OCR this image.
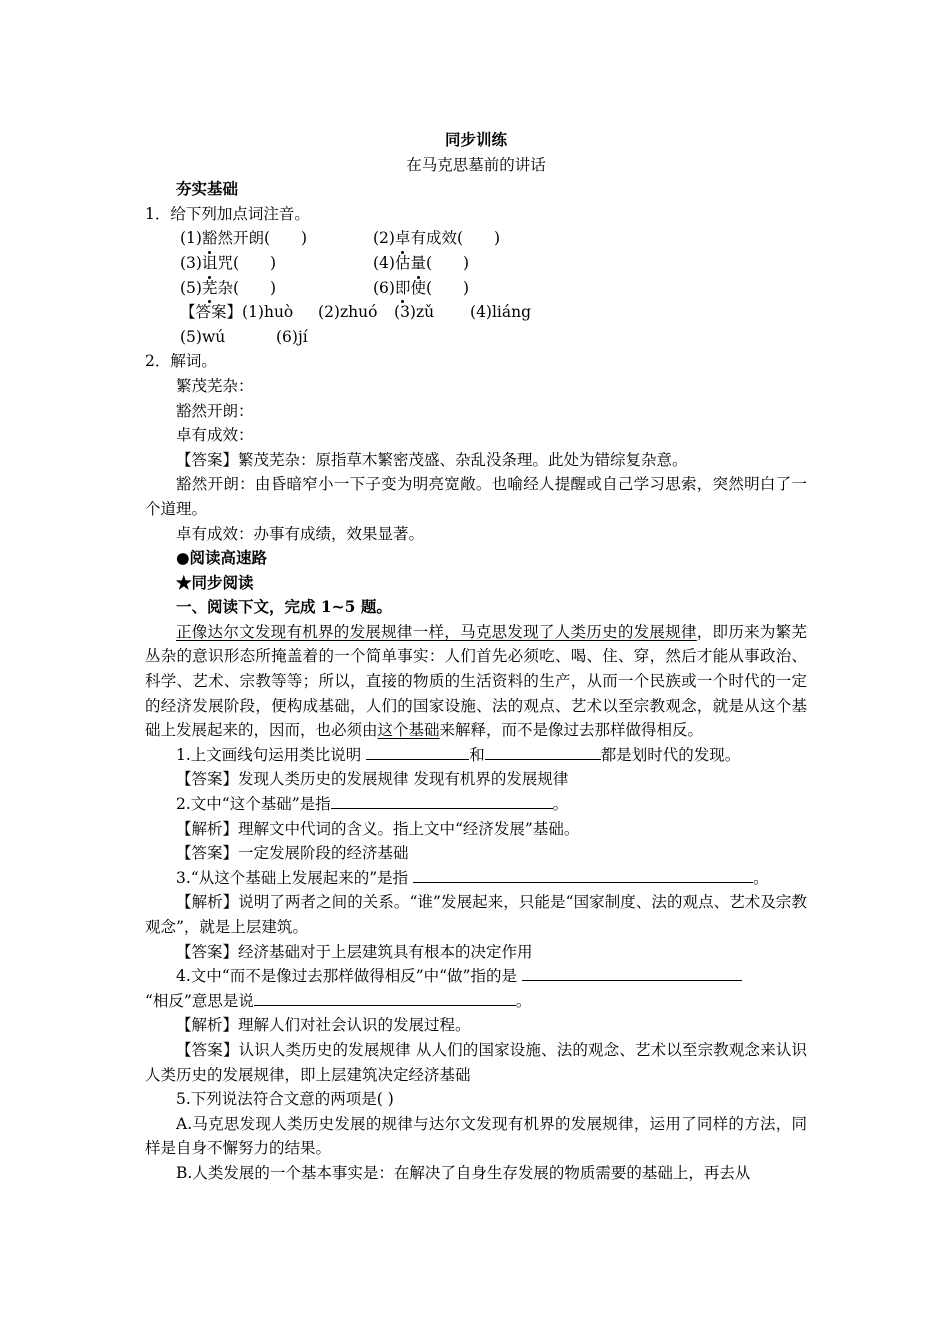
同步训练
在马克思墓前的讲话
夯实基础
1．给下列加点词注音。
(1)豁然开朗(　　)	(2)卓有成效(　　)
(3)诅咒(　　)	(4)估量(　　)
(5)芜杂(　　)	(6)即使(　　)
【答案】(1)huò (2)zhuó (3)zǔ (4)liáng
(5)wú	(6)jí
2．解词。
繁茂芜杂：
豁然开朗：
卓有成效：
【答案】繁茂芜杂：原指草木繁密茂盛、杂乱没条理。此处为错综复杂意。
豁然开朗：由昏暗窄小一下子变为明亮宽敞。也喻经人提醒或自己学习思索，突然明白了一个道理。
卓有成效：办事有成绩，效果显著。
●阅读高速路
★同步阅读
一、阅读下文，完成 1~5 题。
正像达尔文发现有机界的发展规律一样，马克思发现了人类历史的发展规律，即历来为繁芜丛杂的意识形态所掩盖着的一个简单事实：人们首先必须吃、喝、住、穿，然后才能从事政治、科学、艺术、宗教等等；所以，直接的物质的生活资料的生产，从而一个民族或一个时代的一定的经济发展阶段，便构成基础，人们的国家设施、法的观点、艺术以至宗教观念，就是从这个基础上发展起来的，因而，也必须由这个基础来解释，而不是像过去那样做得相反。
1.上文画线句运用类比说明	和	都是划时代的发现。
【答案】发现人类历史的发展规律 发现有机界的发展规律
2.文中“这个基础”是指	。
【解析】理解文中代词的含义。指上文中“经济发展”基础。
【答案】一定发展阶段的经济基础
3.“从这个基础上发展起来的”是指	。
【解析】说明了两者之间的关系。“谁”发展起来，只能是“国家制度、法的观点、艺术及宗教观念”，就是上层建筑。
【答案】经济基础对于上层建筑具有根本的决定作用
4.文中“而不是像过去那样做得相反”中“做”指的是
“相反”意思是说	。
【解析】理解人们对社会认识的发展过程。
【答案】认识人类历史的发展规律 从人们的国家设施、法的观念、艺术以至宗教观念来认识人类历史的发展规律，即上层建筑决定经济基础
5.下列说法符合文意的两项是( )
A.马克思发现人类历史发展的规律与达尔文发现有机界的发展规律，运用了同样的方法，同样是自身不懈努力的结果。
B.人类发展的一个基本事实是：在解决了自身生存发展的物质需要的基础上，再去从
